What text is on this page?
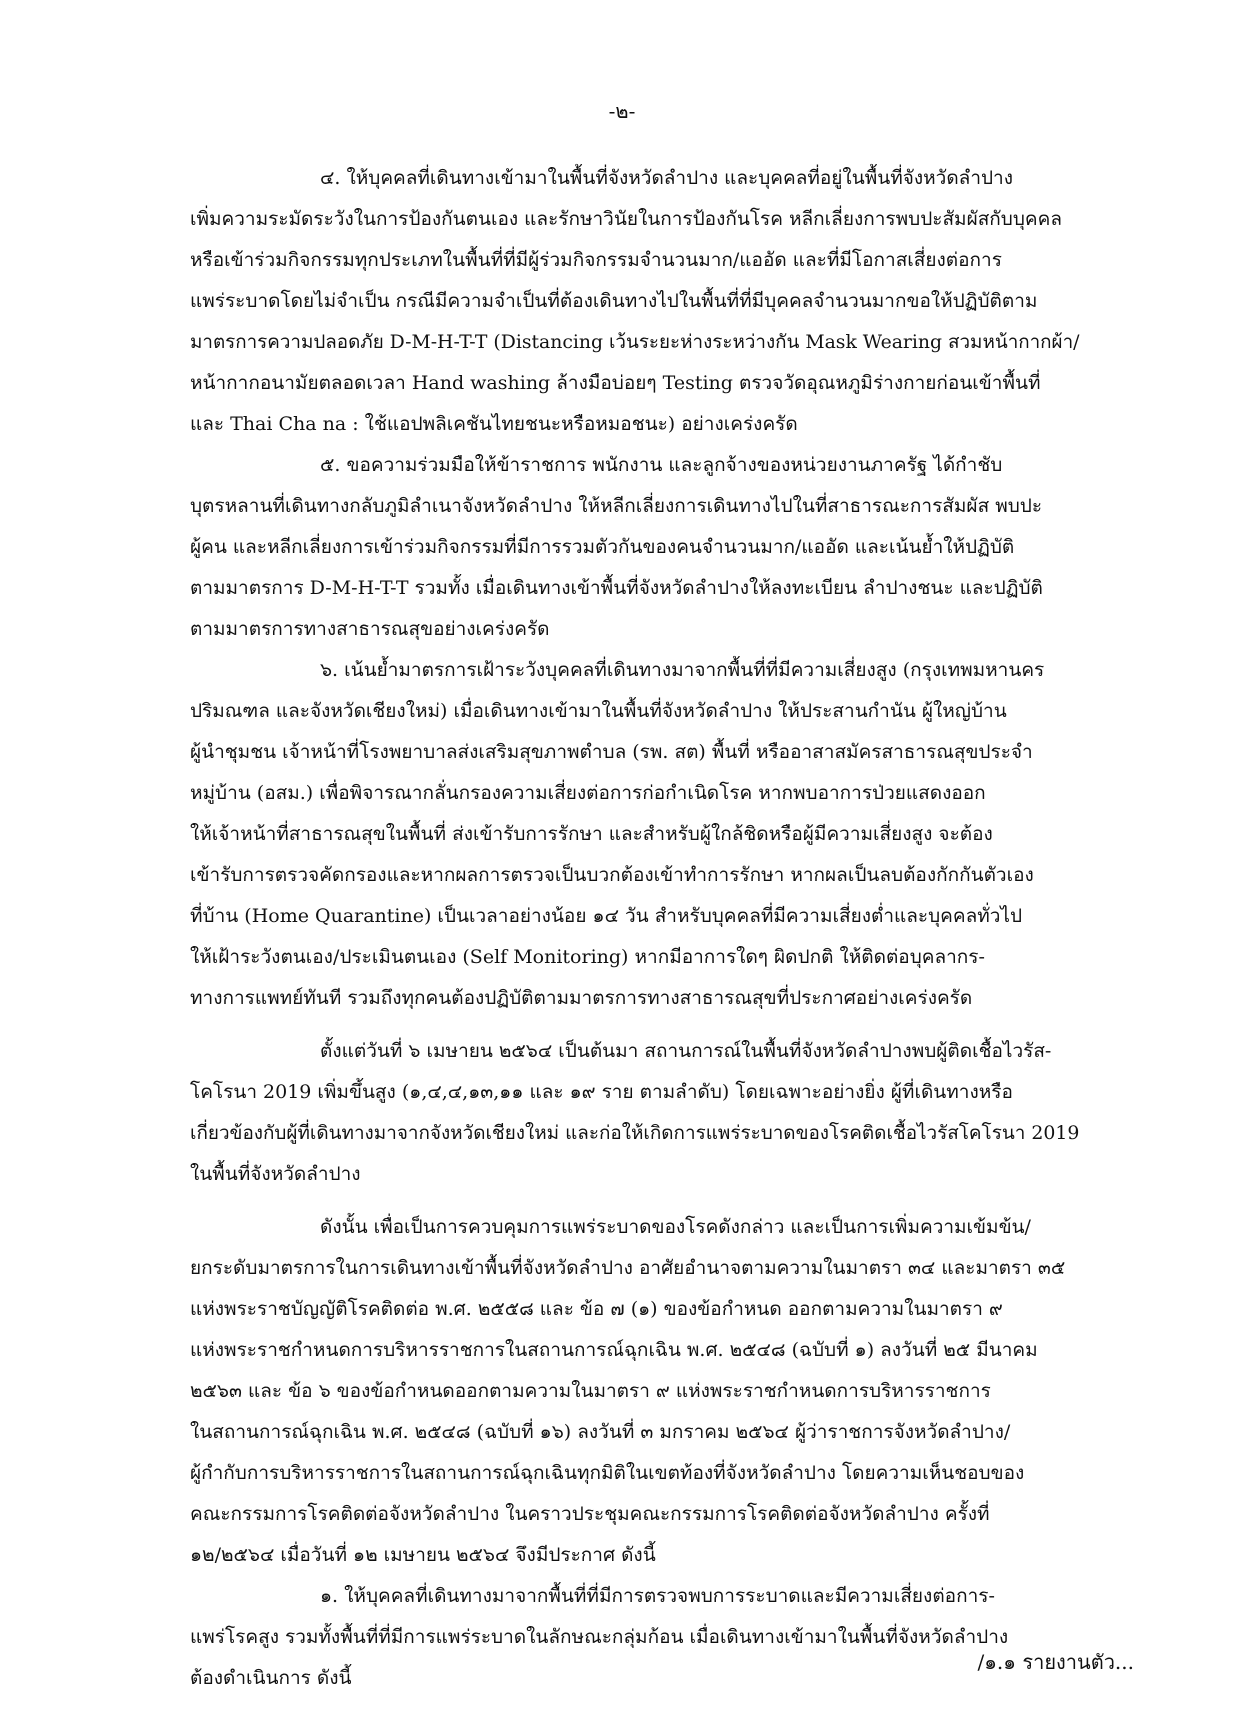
-๒-
๔. ให้บุคคลที่เดินทางเข้ามาในพื้นที่จังหวัดลำปาง และบุคคลที่อยู่ในพื้นที่จังหวัดลำปาง
เพิ่มความระมัดระวังในการป้องกันตนเอง และรักษาวินัยในการป้องกันโรค หลีกเลี่ยงการพบปะสัมผัสกับบุคคล
หรือเข้าร่วมกิจกรรมทุกประเภทในพื้นที่ที่มีผู้ร่วมกิจกรรมจำนวนมาก/แออัด และที่มีโอกาสเสี่ยงต่อการ
แพร่ระบาดโดยไม่จำเป็น กรณีมีความจำเป็นที่ต้องเดินทางไปในพื้นที่ที่มีบุคคลจำนวนมากขอให้ปฏิบัติตาม
มาตรการความปลอดภัย D-M-H-T-T (Distancing เว้นระยะห่างระหว่างกัน Mask Wearing สวมหน้ากากผ้า/
หน้ากากอนามัยตลอดเวลา Hand washing ล้างมือบ่อยๆ Testing ตรวจวัดอุณหภูมิร่างกายก่อนเข้าพื้นที่
และ Thai Cha na : ใช้แอปพลิเคชันไทยชนะหรือหมอชนะ) อย่างเคร่งครัด
๕. ขอความร่วมมือให้ข้าราชการ พนักงาน และลูกจ้างของหน่วยงานภาครัฐ ได้กำชับ
บุตรหลานที่เดินทางกลับภูมิลำเนาจังหวัดลำปาง ให้หลีกเลี่ยงการเดินทางไปในที่สาธารณะการสัมผัส พบปะ
ผู้คน และหลีกเลี่ยงการเข้าร่วมกิจกรรมที่มีการรวมตัวกันของคนจำนวนมาก/แออัด และเน้นย้ำให้ปฏิบัติ
ตามมาตรการ D-M-H-T-T รวมทั้ง เมื่อเดินทางเข้าพื้นที่จังหวัดลำปางให้ลงทะเบียน ลำปางชนะ และปฏิบัติ
ตามมาตรการทางสาธารณสุขอย่างเคร่งครัด
๖. เน้นย้ำมาตรการเฝ้าระวังบุคคลที่เดินทางมาจากพื้นที่ที่มีความเสี่ยงสูง (กรุงเทพมหานคร
ปริมณฑล และจังหวัดเชียงใหม่) เมื่อเดินทางเข้ามาในพื้นที่จังหวัดลำปาง ให้ประสานกำนัน ผู้ใหญ่บ้าน
ผู้นำชุมชน เจ้าหน้าที่โรงพยาบาลส่งเสริมสุขภาพตำบล (รพ. สต) พื้นที่ หรืออาสาสมัครสาธารณสุขประจำ
หมู่บ้าน (อสม.) เพื่อพิจารณากลั่นกรองความเสี่ยงต่อการก่อกำเนิดโรค หากพบอาการป่วยแสดงออก
ให้เจ้าหน้าที่สาธารณสุขในพื้นที่ ส่งเข้ารับการรักษา และสำหรับผู้ใกล้ชิดหรือผู้มีความเสี่ยงสูง จะต้อง
เข้ารับการตรวจคัดกรองและหากผลการตรวจเป็นบวกต้องเข้าทำการรักษา หากผลเป็นลบต้องกักกันตัวเอง
ที่บ้าน (Home Quarantine) เป็นเวลาอย่างน้อย ๑๔ วัน สำหรับบุคคลที่มีความเสี่ยงต่ำและบุคคลทั่วไป
ให้เฝ้าระวังตนเอง/ประเมินตนเอง (Self Monitoring) หากมีอาการใดๆ ผิดปกติ ให้ติดต่อบุคลากร-
ทางการแพทย์ทันที รวมถึงทุกคนต้องปฏิบัติตามมาตรการทางสาธารณสุขที่ประกาศอย่างเคร่งครัด
ตั้งแต่วันที่ ๖ เมษายน ๒๕๖๔ เป็นต้นมา สถานการณ์ในพื้นที่จังหวัดลำปางพบผู้ติดเชื้อไวรัส-
โคโรนา 2019 เพิ่มขึ้นสูง (๑,๔,๔,๑๓,๑๑ และ ๑๙ ราย ตามลำดับ) โดยเฉพาะอย่างยิ่ง ผู้ที่เดินทางหรือ
เกี่ยวข้องกับผู้ที่เดินทางมาจากจังหวัดเชียงใหม่ และก่อให้เกิดการแพร่ระบาดของโรคติดเชื้อไวรัสโคโรนา 2019
ในพื้นที่จังหวัดลำปาง
ดังนั้น เพื่อเป็นการควบคุมการแพร่ระบาดของโรคดังกล่าว และเป็นการเพิ่มความเข้มข้น/
ยกระดับมาตรการในการเดินทางเข้าพื้นที่จังหวัดลำปาง อาศัยอำนาจตามความในมาตรา ๓๔ และมาตรา ๓๕
แห่งพระราชบัญญัติโรคติดต่อ พ.ศ. ๒๕๕๘ และ ข้อ ๗ (๑) ของข้อกำหนด ออกตามความในมาตรา ๙
แห่งพระราชกำหนดการบริหารราชการในสถานการณ์ฉุกเฉิน พ.ศ. ๒๕๔๘ (ฉบับที่ ๑) ลงวันที่ ๒๕ มีนาคม
๒๕๖๓ และ ข้อ ๖ ของข้อกำหนดออกตามความในมาตรา ๙ แห่งพระราชกำหนดการบริหารราชการ
ในสถานการณ์ฉุกเฉิน พ.ศ. ๒๕๔๘ (ฉบับที่ ๑๖) ลงวันที่ ๓ มกราคม ๒๕๖๔ ผู้ว่าราชการจังหวัดลำปาง/
ผู้กำกับการบริหารราชการในสถานการณ์ฉุกเฉินทุกมิติในเขตท้องที่จังหวัดลำปาง โดยความเห็นชอบของ
คณะกรรมการโรคติดต่อจังหวัดลำปาง ในคราวประชุมคณะกรรมการโรคติดต่อจังหวัดลำปาง ครั้งที่
๑๒/๒๕๖๔ เมื่อวันที่ ๑๒ เมษายน ๒๕๖๔ จึงมีประกาศ ดังนี้
๑. ให้บุคคลที่เดินทางมาจากพื้นที่ที่มีการตรวจพบการระบาดและมีความเสี่ยงต่อการ-
แพร่โรคสูง รวมทั้งพื้นที่ที่มีการแพร่ระบาดในลักษณะกลุ่มก้อน เมื่อเดินทางเข้ามาในพื้นที่จังหวัดลำปาง
ต้องดำเนินการ ดังนี้
/๑.๑ รายงานตัว...
